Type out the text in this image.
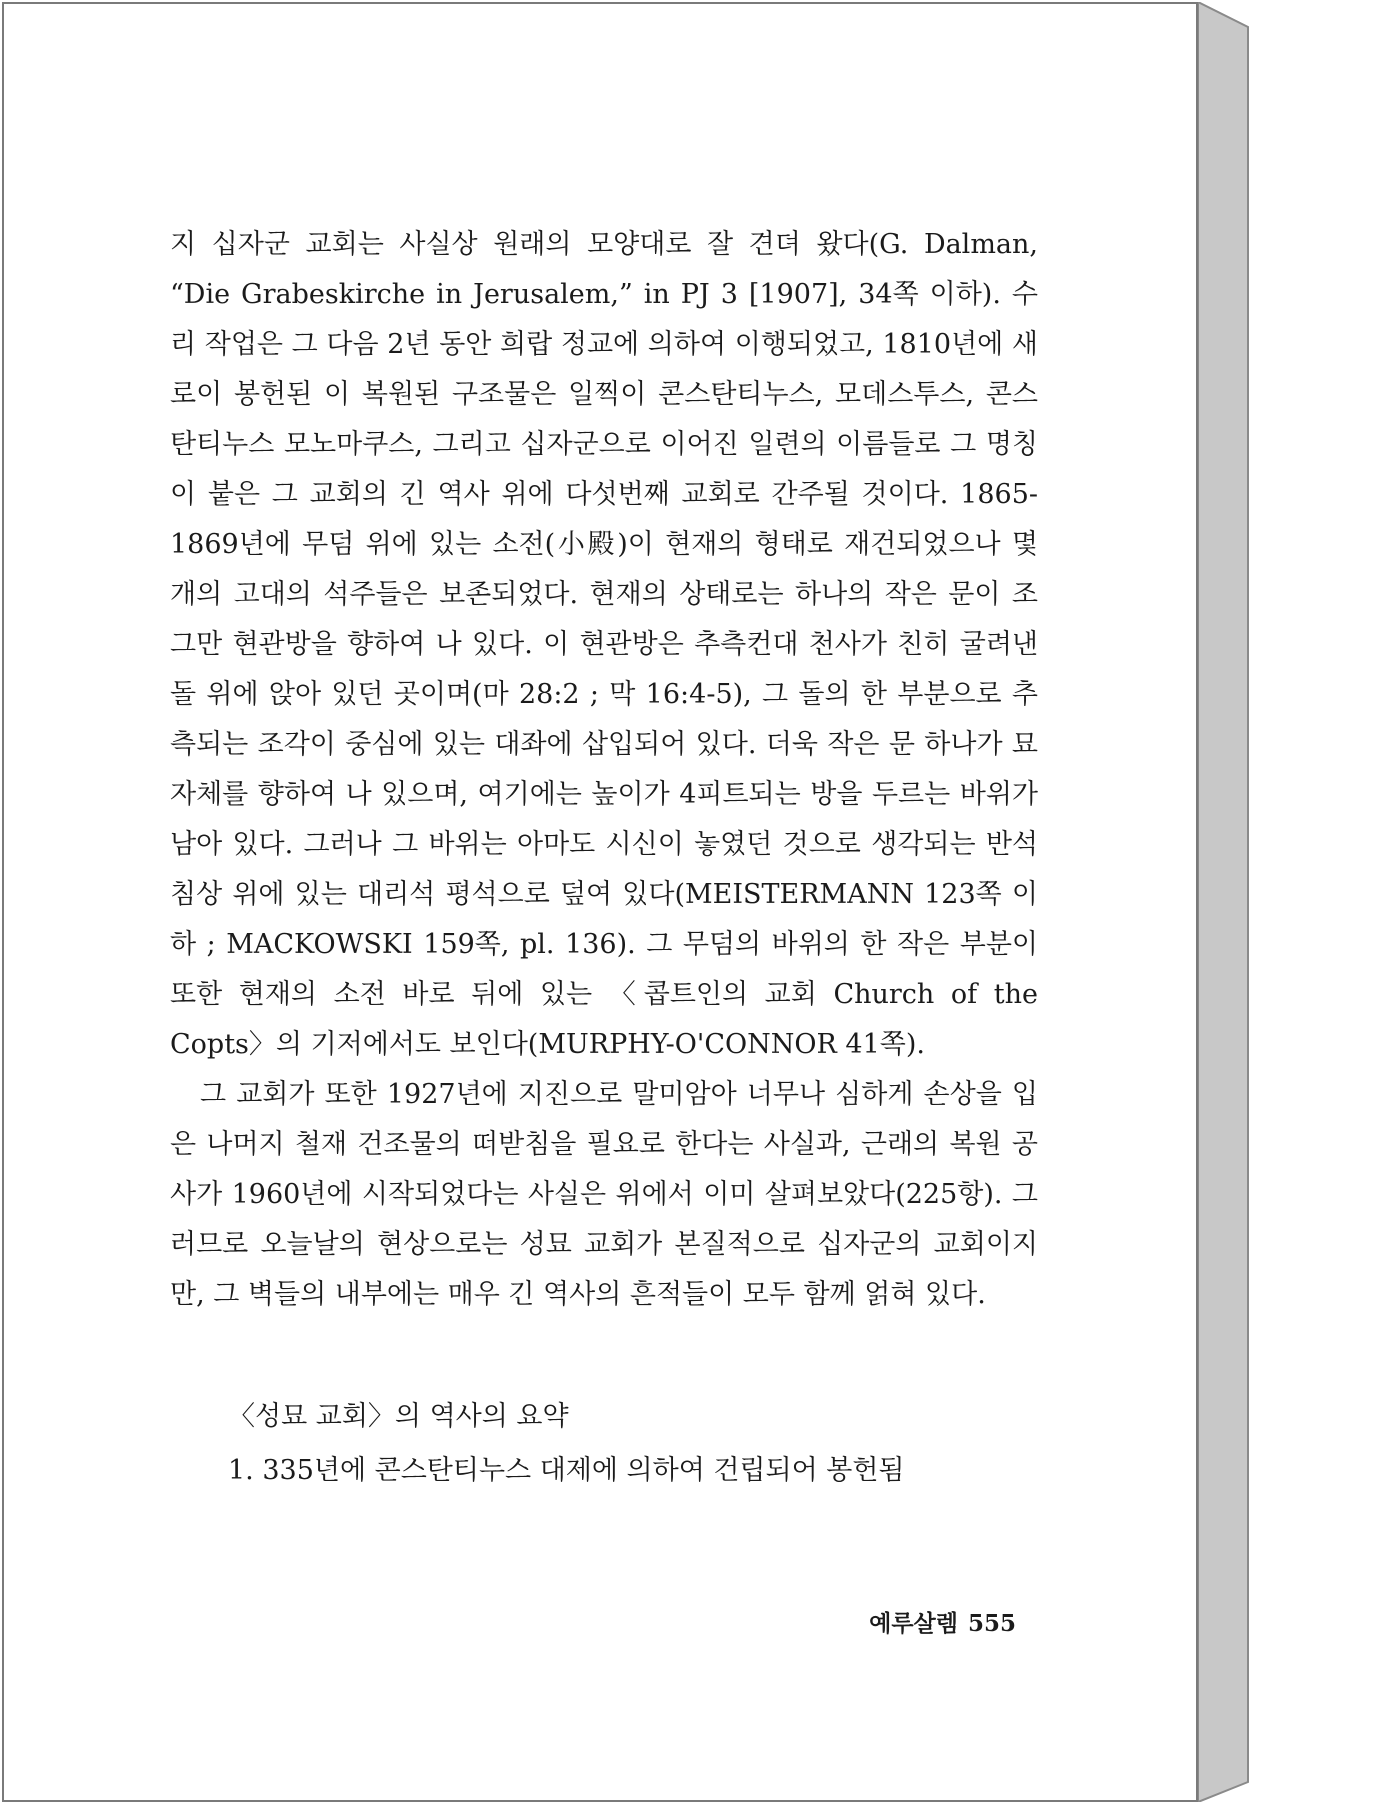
지 십자군 교회는 사실상 원래의 모양대로 잘 견뎌 왔다(G. Dalman, “Die Grabeskirche in Jerusalem,” in PJ 3 [1907], 34쪽 이하). 수리 작업은 그 다음 2년 동안 희랍 정교에 의하여 이행되었고, 1810년에 새로이 봉헌된 이 복원된 구조물은 일찍이 콘스탄티누스, 모데스투스, 콘스탄티누스 모노마쿠스, 그리고 십자군으로 이어진 일련의 이름들로 그 명칭이 붙은 그 교회의 긴 역사 위에 다섯번째 교회로 간주될 것이다. 1865-1869년에 무덤 위에 있는 소전(小殿)이 현재의 형태로 재건되었으나 몇 개의 고대의 석주들은 보존되었다. 현재의 상태로는 하나의 작은 문이 조그만 현관방을 향하여 나 있다. 이 현관방은 추측컨대 천사가 친히 굴려낸 돌 위에 앉아 있던 곳이며(마 28:2 ; 막 16:4-5), 그 돌의 한 부분으로 추측되는 조각이 중심에 있는 대좌에 삽입되어 있다. 더욱 작은 문 하나가 묘 자체를 향하여 나 있으며, 여기에는 높이가 4피트되는 방을 두르는 바위가 남아 있다. 그러나 그 바위는 아마도 시신이 놓였던 것으로 생각되는 반석 침상 위에 있는 대리석 평석으로 덮여 있다(MEISTERMANN 123쪽 이하 ; MACKOWSKI 159쪽, pl. 136). 그 무덤의 바위의 한 작은 부분이 또한 현재의 소전 바로 뒤에 있는 〈콥트인의 교회 Church of the Copts〉의 기저에서도 보인다(MURPHY-O'CONNOR 41쪽).

그 교회가 또한 1927년에 지진으로 말미암아 너무나 심하게 손상을 입은 나머지 철재 건조물의 떠받침을 필요로 한다는 사실과, 근래의 복원 공사가 1960년에 시작되었다는 사실은 위에서 이미 살펴보았다(225항). 그러므로 오늘날의 현상으로는 성묘 교회가 본질적으로 십자군의 교회이지만, 그 벽들의 내부에는 매우 긴 역사의 흔적들이 모두 함께 얽혀 있다.

〈성묘 교회〉의 역사의 요약

1. 335년에 콘스탄티누스 대제에 의하여 건립되어 봉헌됨

예루살렘 555
